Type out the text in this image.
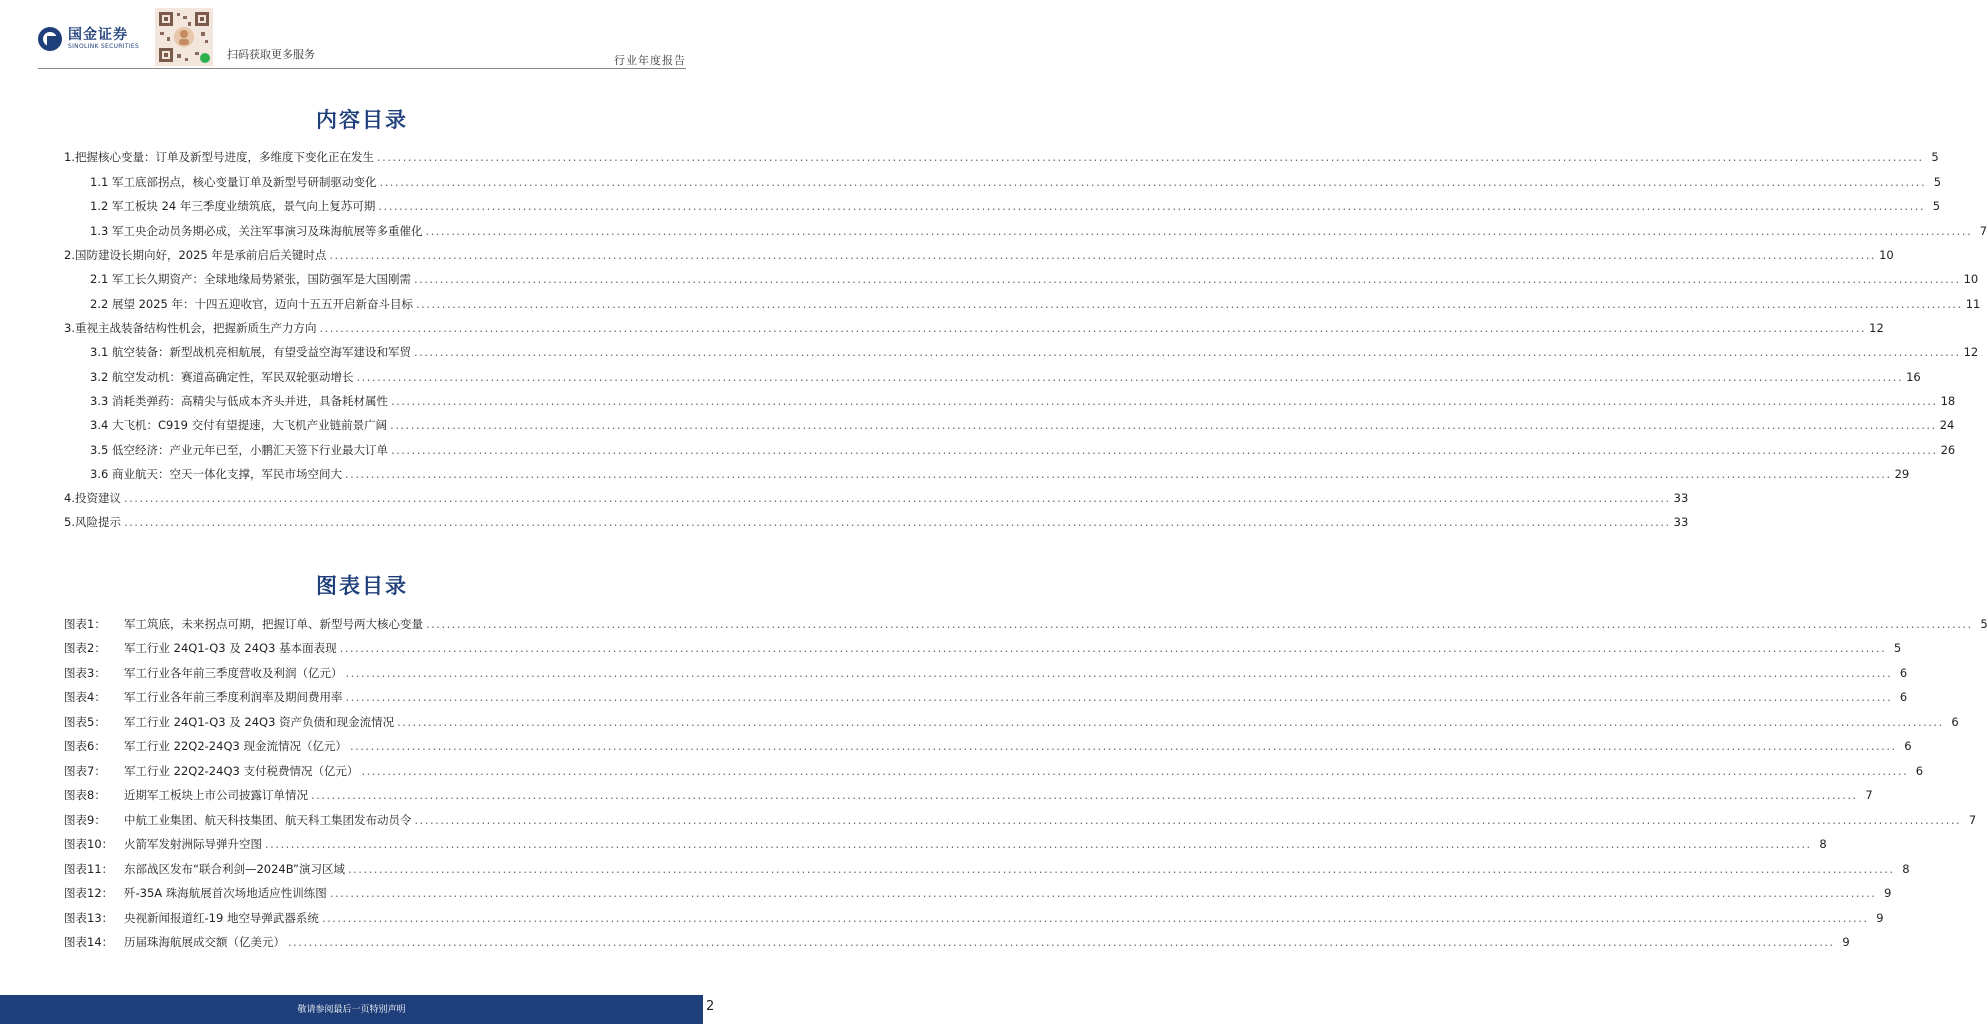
国金证券
SINOLINK SECURITIES
扫码获取更多服务	行业年度报告
内容目录
1.把握核心变量：订单及新型号进度，多维度下变化正在发生 ............................................................................................................................................................................................................................................................................................................ 5
1.1 军工底部拐点，核心变量订单及新型号研制驱动变化 ............................................................................................................................................................................................................................................................................................................ 5
1.2 军工板块 24 年三季度业绩筑底，景气向上复苏可期 ............................................................................................................................................................................................................................................................................................................ 5
1.3 军工央企动员务期必成，关注军事演习及珠海航展等多重催化 ............................................................................................................................................................................................................................................................................................................ 7
2.国防建设长期向好，2025 年是承前启后关键时点 ............................................................................................................................................................................................................................................................................................................ 10
2.1 军工长久期资产：全球地缘局势紧张，国防强军是大国刚需 ............................................................................................................................................................................................................................................................................................................ 10
2.2 展望 2025 年：十四五迎收官，迈向十五五开启新奋斗目标 ............................................................................................................................................................................................................................................................................................................ 11
3.重视主战装备结构性机会，把握新质生产力方向 ............................................................................................................................................................................................................................................................................................................ 12
3.1 航空装备：新型战机亮相航展，有望受益空海军建设和军贸 ............................................................................................................................................................................................................................................................................................................ 12
3.2 航空发动机：赛道高确定性，军民双轮驱动增长 ............................................................................................................................................................................................................................................................................................................ 16
3.3 消耗类弹药：高精尖与低成本齐头并进，具备耗材属性 ............................................................................................................................................................................................................................................................................................................ 18
3.4 大飞机：C919 交付有望提速，大飞机产业链前景广阔 ............................................................................................................................................................................................................................................................................................................ 24
3.5 低空经济：产业元年已至，小鹏汇天签下行业最大订单 ............................................................................................................................................................................................................................................................................................................ 26
3.6 商业航天：空天一体化支撑，军民市场空间大 ............................................................................................................................................................................................................................................................................................................ 29
4.投资建议 ............................................................................................................................................................................................................................................................................................................ 33
5.风险提示 ............................................................................................................................................................................................................................................................................................................ 33
图表目录
图表1：	军工筑底，未来拐点可期，把握订单、新型号两大核心变量 ............................................................................................................................................................................................................................................................................................................ 5
图表2：	军工行业 24Q1-Q3 及 24Q3 基本面表现 ............................................................................................................................................................................................................................................................................................................ 5
图表3：	军工行业各年前三季度营收及利润（亿元） ............................................................................................................................................................................................................................................................................................................ 6
图表4：	军工行业各年前三季度利润率及期间费用率 ............................................................................................................................................................................................................................................................................................................ 6
图表5：	军工行业 24Q1-Q3 及 24Q3 资产负债和现金流情况 ............................................................................................................................................................................................................................................................................................................ 6
图表6：	军工行业 22Q2-24Q3 现金流情况（亿元） ............................................................................................................................................................................................................................................................................................................ 6
图表7：	军工行业 22Q2-24Q3 支付税费情况（亿元） ............................................................................................................................................................................................................................................................................................................ 6
图表8：	近期军工板块上市公司披露订单情况 ............................................................................................................................................................................................................................................................................................................ 7
图表9：	中航工业集团、航天科技集团、航天科工集团发布动员令 ............................................................................................................................................................................................................................................................................................................ 7
图表10： 火箭军发射洲际导弹升空图 ............................................................................................................................................................................................................................................................................................................ 8
图表11： 东部战区发布“联合利剑—2024B”演习区域 ............................................................................................................................................................................................................................................................................................................ 8
图表12： 歼-35A 珠海航展首次场地适应性训练图 ............................................................................................................................................................................................................................................................................................................ 9
图表13： 央视新闻报道红-19 地空导弹武器系统 ............................................................................................................................................................................................................................................................................................................ 9
图表14： 历届珠海航展成交额（亿美元） ............................................................................................................................................................................................................................................................................................................ 9
敬请参阅最后一页特别声明	2
